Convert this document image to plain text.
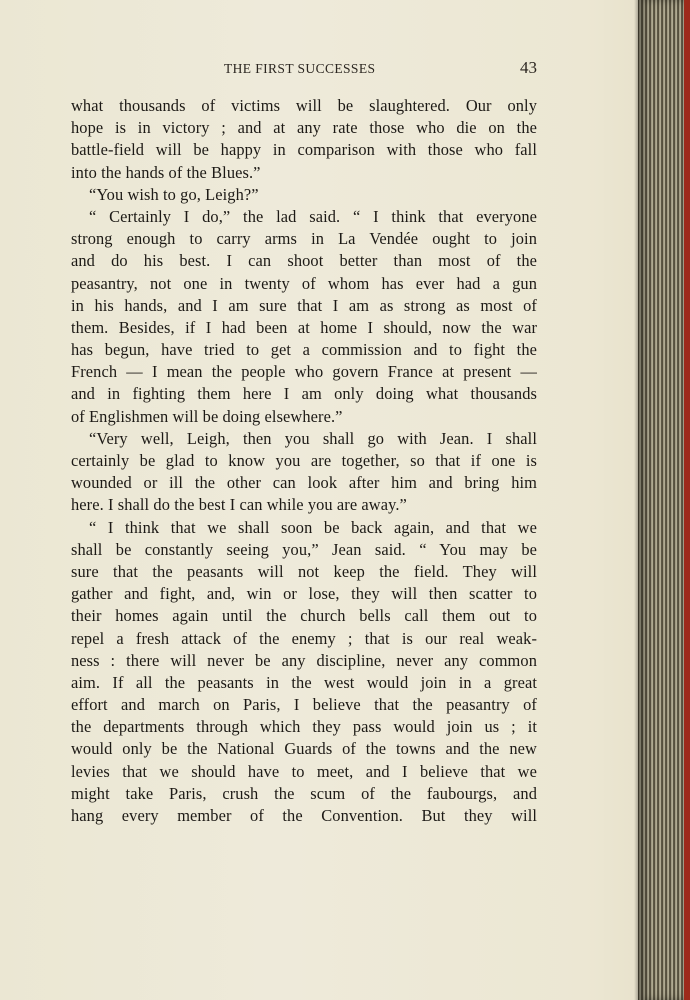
THE FIRST SUCCESSES	43
what thousands of victims will be slaughtered. Our only
hope is in victory ; and at any rate those who die on the
battle-field will be happy in comparison with those who fall
into the hands of the Blues.”
“You wish to go, Leigh?”
“ Certainly I do,” the lad said. “ I think that everyone
strong enough to carry arms in La Vendée ought to join
and do his best. I can shoot better than most of the
peasantry, not one in twenty of whom has ever had a gun
in his hands, and I am sure that I am as strong as most of
them. Besides, if I had been at home I should, now the war
has begun, have tried to get a commission and to fight the
French — I mean the people who govern France at present —
and in fighting them here I am only doing what thousands
of Englishmen will be doing elsewhere.”
“Very well, Leigh, then you shall go with Jean. I shall
certainly be glad to know you are together, so that if one is
wounded or ill the other can look after him and bring him
here. I shall do the best I can while you are away.”
“ I think that we shall soon be back again, and that we
shall be constantly seeing you,” Jean said. “ You may be
sure that the peasants will not keep the field. They will
gather and fight, and, win or lose, they will then scatter to
their homes again until the church bells call them out to
repel a fresh attack of the enemy ; that is our real weak-
ness : there will never be any discipline, never any common
aim. If all the peasants in the west would join in a great
effort and march on Paris, I believe that the peasantry of
the departments through which they pass would join us ; it
would only be the National Guards of the towns and the new
levies that we should have to meet, and I believe that we
might take Paris, crush the scum of the faubourgs, and
hang every member of the Convention. But they will
